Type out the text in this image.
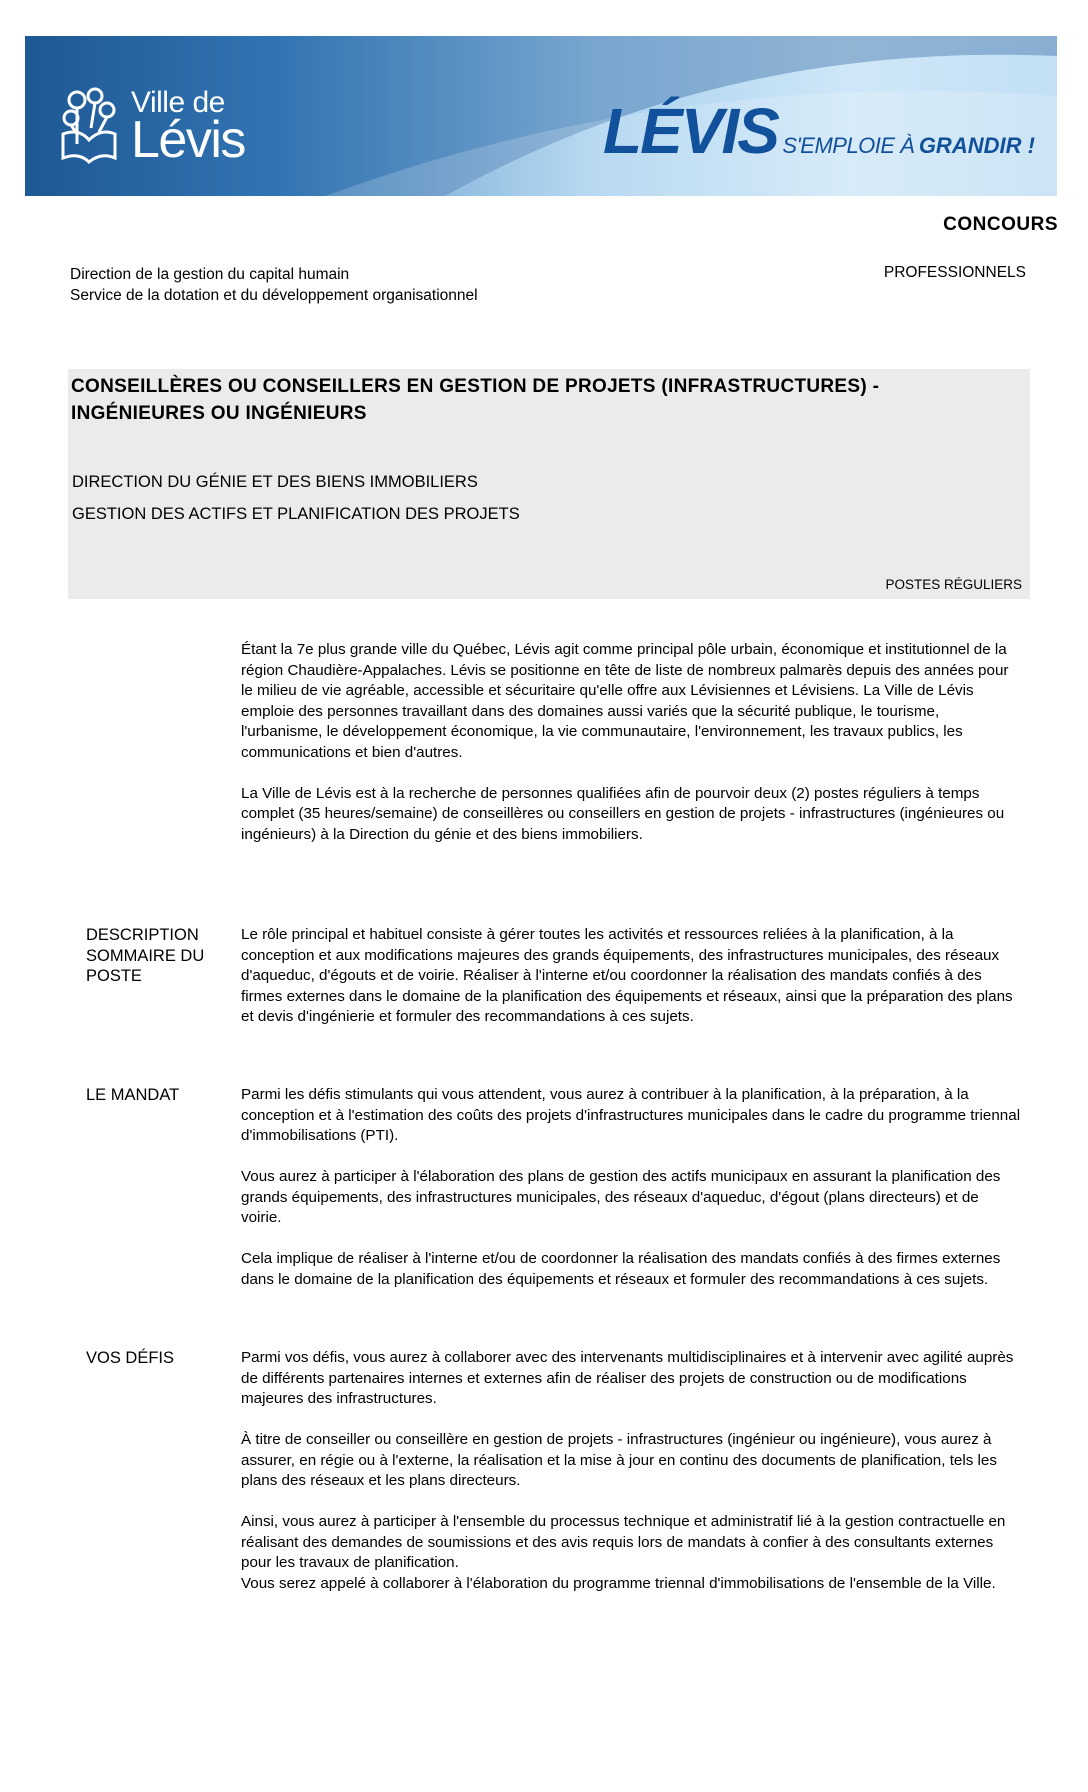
Ville de
Lévis	LÉVIS S'EMPLOIE À GRANDIR !
CONCOURS
Direction de la gestion du capital humain
Service de la dotation et du développement organisationnel
PROFESSIONNELS
CONSEILLÈRES OU CONSEILLERS EN GESTION DE PROJETS (INFRASTRUCTURES) - INGÉNIEURES OU INGÉNIEURS
DIRECTION DU GÉNIE ET DES BIENS IMMOBILIERS
GESTION DES ACTIFS ET PLANIFICATION DES PROJETS
POSTES RÉGULIERS

Étant la 7e plus grande ville du Québec, Lévis agit comme principal pôle urbain, économique et institutionnel de la région Chaudière-Appalaches. Lévis se positionne en tête de liste de nombreux palmarès depuis des années pour le milieu de vie agréable, accessible et sécuritaire qu'elle offre aux Lévisiennes et Lévisiens. La Ville de Lévis emploie des personnes travaillant dans des domaines aussi variés que la sécurité publique, le tourisme, l'urbanisme, le développement économique, la vie communautaire, l'environnement, les travaux publics, les communications et bien d'autres.

La Ville de Lévis est à la recherche de personnes qualifiées afin de pourvoir deux (2) postes réguliers à temps complet (35 heures/semaine) de conseillères ou conseillers en gestion de projets - infrastructures (ingénieures ou ingénieurs) à la Direction du génie et des biens immobiliers.

DESCRIPTION SOMMAIRE DU POSTE

Le rôle principal et habituel consiste à gérer toutes les activités et ressources reliées à la planification, à la conception et aux modifications majeures des grands équipements, des infrastructures municipales, des réseaux d'aqueduc, d'égouts et de voirie. Réaliser à l'interne et/ou coordonner la réalisation des mandats confiés à des firmes externes dans le domaine de la planification des équipements et réseaux, ainsi que la préparation des plans et devis d'ingénierie et formuler des recommandations à ces sujets.

LE MANDAT	Parmi les défis stimulants qui vous attendent, vous aurez à contribuer à la planification, à la préparation, à la conception et à l'estimation des coûts des projets d'infrastructures municipales dans le cadre du programme triennal d'immobilisations (PTI).

Vous aurez à participer à l'élaboration des plans de gestion des actifs municipaux en assurant la planification des grands équipements, des infrastructures municipales, des réseaux d'aqueduc, d'égout (plans directeurs) et de voirie.

Cela implique de réaliser à l'interne et/ou de coordonner la réalisation des mandats confiés à des firmes externes dans le domaine de la planification des équipements et réseaux et formuler des recommandations à ces sujets.

VOS DÉFIS	Parmi vos défis, vous aurez à collaborer avec des intervenants multidisciplinaires et à intervenir avec agilité auprès de différents partenaires internes et externes afin de réaliser des projets de construction ou de modifications majeures des infrastructures.

À titre de conseiller ou conseillère en gestion de projets - infrastructures (ingénieur ou ingénieure), vous aurez à assurer, en régie ou à l'externe, la réalisation et la mise à jour en continu des documents de planification, tels les plans des réseaux et les plans directeurs.

Ainsi, vous aurez à participer à l'ensemble du processus technique et administratif lié à la gestion contractuelle en réalisant des demandes de soumissions et des avis requis lors de mandats à confier à des consultants externes pour les travaux de planification.

Vous serez appelé à collaborer à l'élaboration du programme triennal d'immobilisations de l'ensemble de la Ville.
